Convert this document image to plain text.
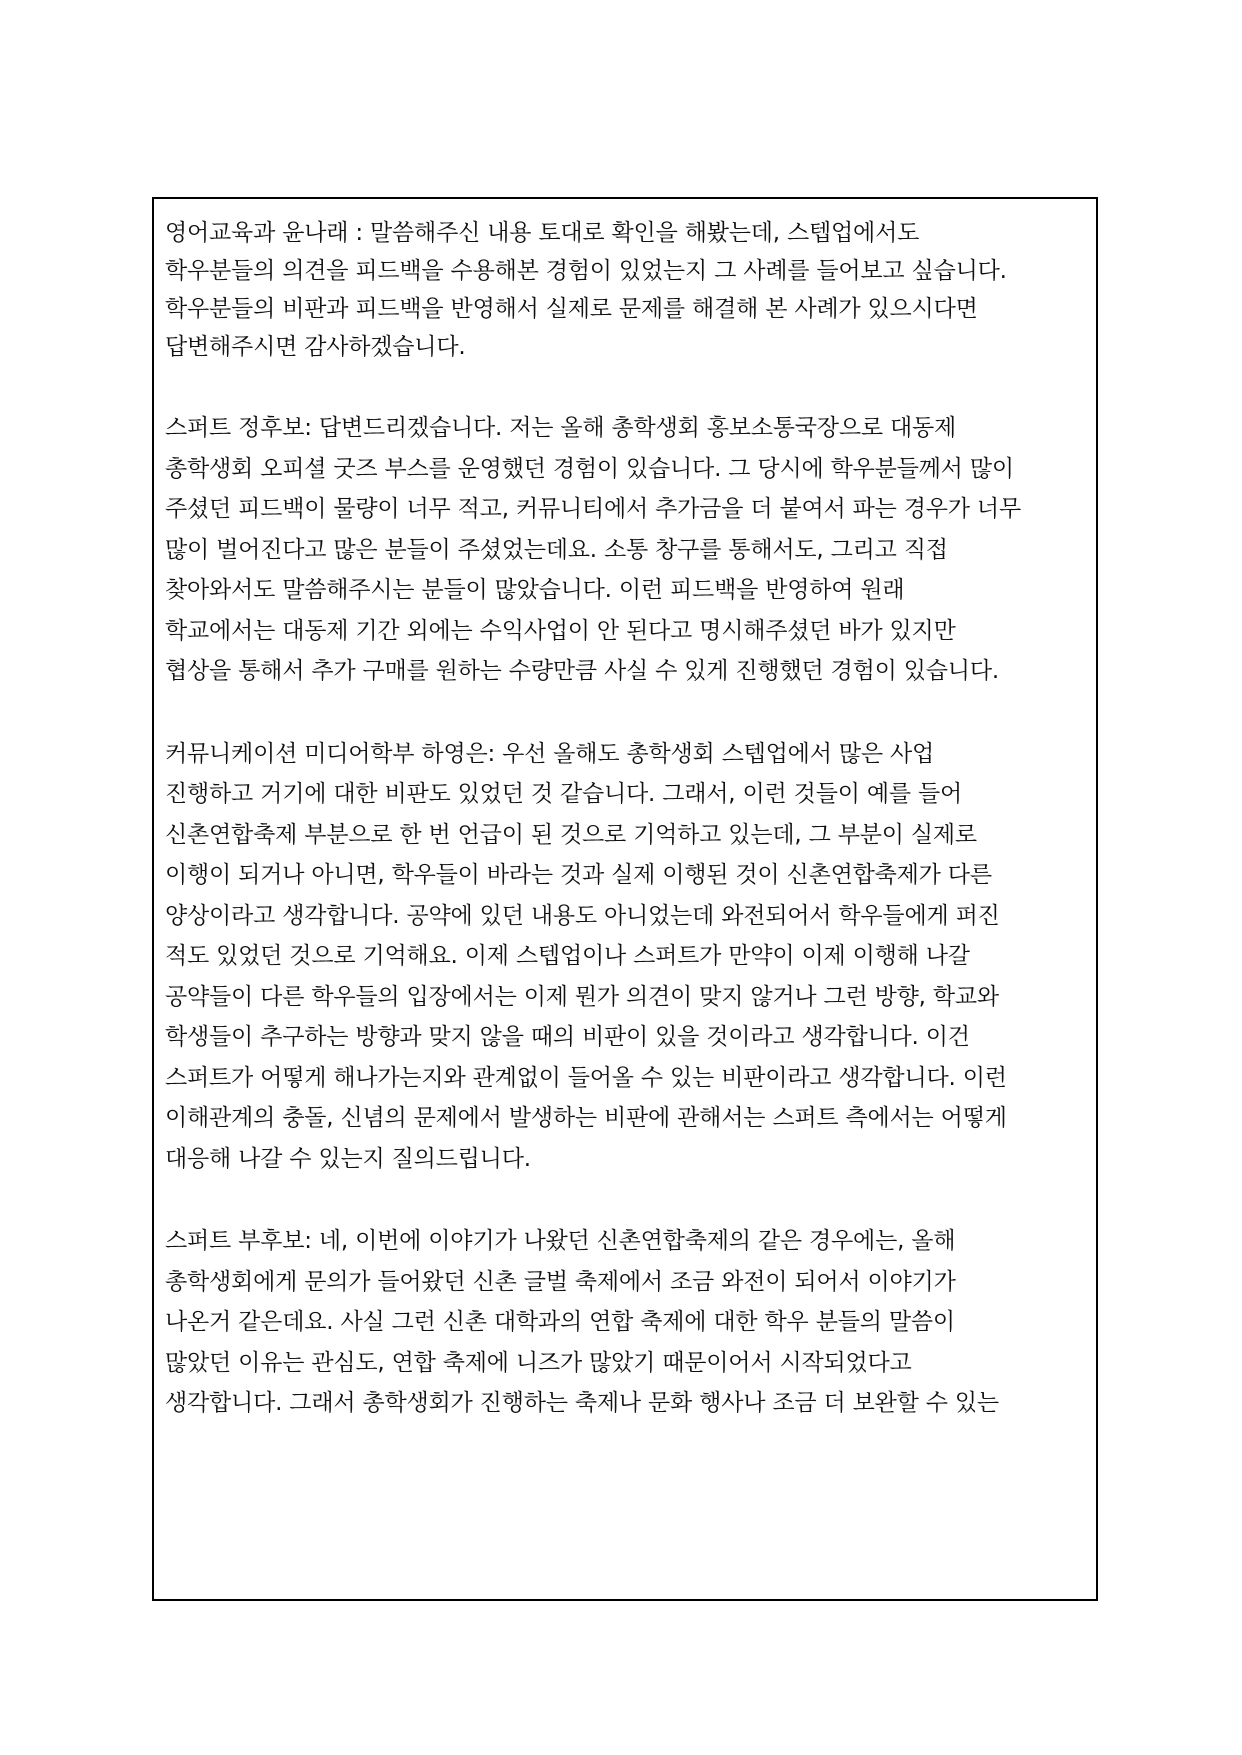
영어교육과 윤나래 : 말씀해주신 내용 토대로 확인을 해봤는데, 스텝업에서도
학우분들의 의견을 피드백을 수용해본 경험이 있었는지 그 사례를 들어보고 싶습니다.
학우분들의 비판과 피드백을 반영해서 실제로 문제를 해결해 본 사례가 있으시다면
답변해주시면 감사하겠습니다.
스퍼트 정후보: 답변드리겠습니다. 저는 올해 총학생회 홍보소통국장으로 대동제
총학생회 오피셜 굿즈 부스를 운영했던 경험이 있습니다. 그 당시에 학우분들께서 많이
주셨던 피드백이 물량이 너무 적고, 커뮤니티에서 추가금을 더 붙여서 파는 경우가 너무
많이 벌어진다고 많은 분들이 주셨었는데요. 소통 창구를 통해서도, 그리고 직접
찾아와서도 말씀해주시는 분들이 많았습니다. 이런 피드백을 반영하여 원래
학교에서는 대동제 기간 외에는 수익사업이 안 된다고 명시해주셨던 바가 있지만
협상을 통해서 추가 구매를 원하는 수량만큼 사실 수 있게 진행했던 경험이 있습니다.
커뮤니케이션 미디어학부 하영은: 우선 올해도 총학생회 스텝업에서 많은 사업
진행하고 거기에 대한 비판도 있었던 것 같습니다. 그래서, 이런 것들이 예를 들어
신촌연합축제 부분으로 한 번 언급이 된 것으로 기억하고 있는데, 그 부분이 실제로
이행이 되거나 아니면, 학우들이 바라는 것과 실제 이행된 것이 신촌연합축제가 다른
양상이라고 생각합니다. 공약에 있던 내용도 아니었는데 와전되어서 학우들에게 퍼진
적도 있었던 것으로 기억해요. 이제 스텝업이나 스퍼트가 만약이 이제 이행해 나갈
공약들이 다른 학우들의 입장에서는 이제 뭔가 의견이 맞지 않거나 그런 방향, 학교와
학생들이 추구하는 방향과 맞지 않을 때의 비판이 있을 것이라고 생각합니다. 이건
스퍼트가 어떻게 해나가는지와 관계없이 들어올 수 있는 비판이라고 생각합니다. 이런
이해관계의 충돌, 신념의 문제에서 발생하는 비판에 관해서는 스퍼트 측에서는 어떻게
대응해 나갈 수 있는지 질의드립니다.
스퍼트 부후보: 네, 이번에 이야기가 나왔던 신촌연합축제의 같은 경우에는, 올해
총학생회에게 문의가 들어왔던 신촌 글벌 축제에서 조금 와전이 되어서 이야기가
나온거 같은데요. 사실 그런 신촌 대학과의 연합 축제에 대한 학우 분들의 말씀이
많았던 이유는 관심도, 연합 축제에 니즈가 많았기 때문이어서 시작되었다고
생각합니다. 그래서 총학생회가 진행하는 축제나 문화 행사나 조금 더 보완할 수 있는
